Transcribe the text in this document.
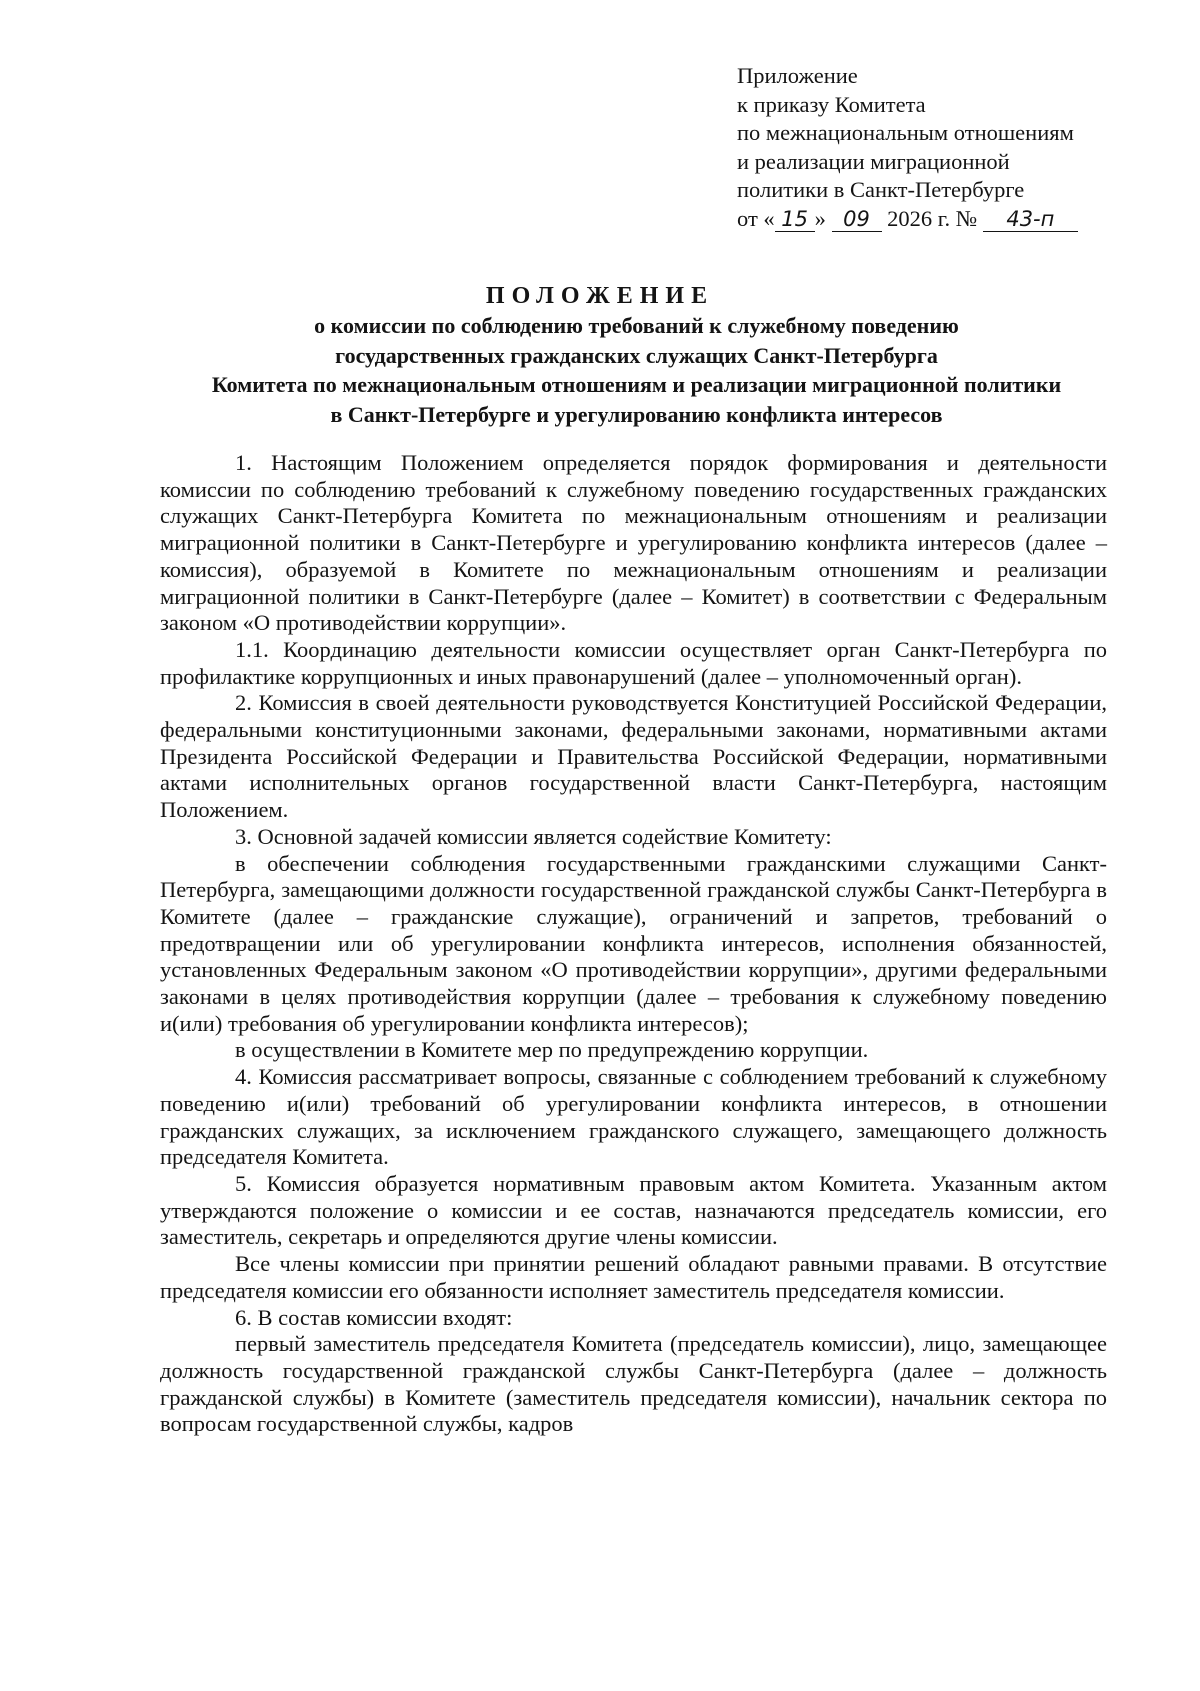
Приложение
к приказу Комитета
по межнациональным отношениям
и реализации миграционной
политики в Санкт-Петербурге
от « 15 » 09 2026 г. № 43-п
ПОЛОЖЕНИЕ
о комиссии по соблюдению требований к служебному поведению
государственных гражданских служащих Санкт-Петербурга
Комитета по межнациональным отношениям и реализации миграционной политики
в Санкт-Петербурге и урегулированию конфликта интересов

1. Настоящим Положением определяется порядок формирования и деятельности комиссии по соблюдению требований к служебному поведению государственных гражданских служащих Санкт-Петербурга Комитета по межнациональным отношениям и реализации миграционной политики в Санкт-Петербурге и урегулированию конфликта интересов (далее – комиссия), образуемой в Комитете по межнациональным отношениям и реализации миграционной политики в Санкт-Петербурге (далее – Комитет) в соответствии с Федеральным законом «О противодействии коррупции».

1.1. Координацию деятельности комиссии осуществляет орган Санкт-Петербурга по профилактике коррупционных и иных правонарушений (далее – уполномоченный орган).

2. Комиссия в своей деятельности руководствуется Конституцией Российской Федерации, федеральными конституционными законами, федеральными законами, нормативными актами Президента Российской Федерации и Правительства Российской Федерации, нормативными актами исполнительных органов государственной власти Санкт-Петербурга, настоящим Положением.

3. Основной задачей комиссии является содействие Комитету:

в обеспечении соблюдения государственными гражданскими служащими Санкт-Петербурга, замещающими должности государственной гражданской службы Санкт-Петербурга в Комитете (далее – гражданские служащие), ограничений и запретов, требований о предотвращении или об урегулировании конфликта интересов, исполнения обязанностей, установленных Федеральным законом «О противодействии коррупции», другими федеральными законами в целях противодействия коррупции (далее – требования к служебному поведению и(или) требования об урегулировании конфликта интересов);

в осуществлении в Комитете мер по предупреждению коррупции.

4. Комиссия рассматривает вопросы, связанные с соблюдением требований к служебному поведению и(или) требований об урегулировании конфликта интересов, в отношении гражданских служащих, за исключением гражданского служащего, замещающего должность председателя Комитета.

5. Комиссия образуется нормативным правовым актом Комитета. Указанным актом утверждаются положение о комиссии и ее состав, назначаются председатель комиссии, его заместитель, секретарь и определяются другие члены комиссии.

Все члены комиссии при принятии решений обладают равными правами. В отсутствие председателя комиссии его обязанности исполняет заместитель председателя комиссии.

6. В состав комиссии входят:

первый заместитель председателя Комитета (председатель комиссии), лицо, замещающее должность государственной гражданской службы Санкт-Петербурга (далее – должность гражданской службы) в Комитете (заместитель председателя комиссии), начальник сектора по вопросам государственной службы, кадров
